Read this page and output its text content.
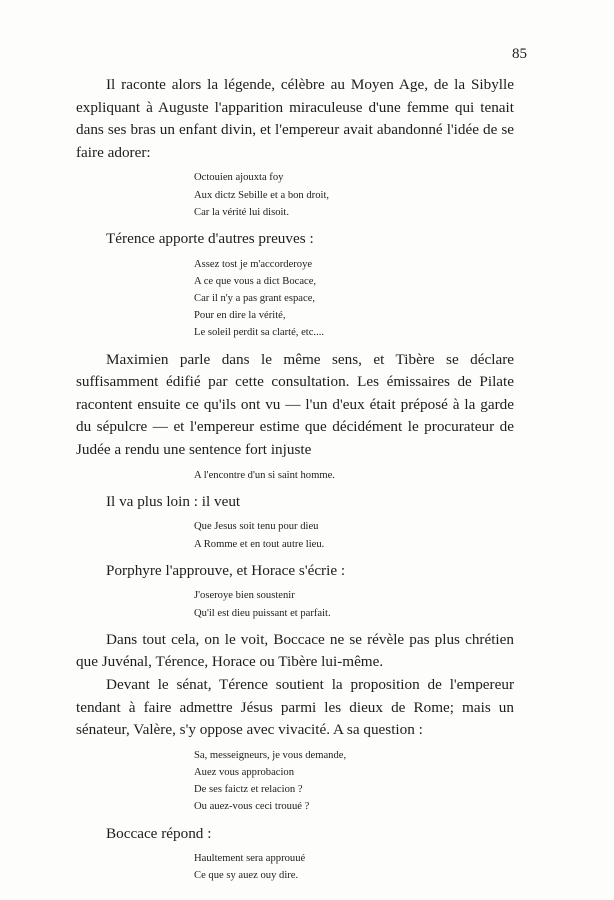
85

Il raconte alors la légende, célèbre au Moyen Age, de la Sibylle expliquant à Auguste l'apparition miraculeuse d'une femme qui tenait dans ses bras un enfant divin, et l'empereur avait abandonné l'idée de se faire adorer:

Octouien ajouxta foy
Aux dictz Sebille et a bon droit,
Car la vérité lui disoit.

Térence apporte d'autres preuves :

Assez tost je m'accorderoye
A ce que vous a dict Bocace,
Car il n'y a pas grant espace,
Pour en dire la vérité,
Le soleil perdit sa clarté, etc....

Maximien parle dans le même sens, et Tibère se déclare suffisamment édifié par cette consultation. Les émissaires de Pilate racontent ensuite ce qu'ils ont vu — l'un d'eux était préposé à la garde du sépulcre — et l'empereur estime que décidément le procurateur de Judée a rendu une sentence fort injuste

A l'encontre d'un si saint homme.

Il va plus loin : il veut

Que Jesus soit tenu pour dieu
A Romme et en tout autre lieu.

Porphyre l'approuve, et Horace s'écrie :

J'oseroye bien soustenir
Qu'il est dieu puissant et parfait.

Dans tout cela, on le voit, Boccace ne se révèle pas plus chrétien que Juvénal, Térence, Horace ou Tibère lui-même.

Devant le sénat, Térence soutient la proposition de l'empereur tendant à faire admettre Jésus parmi les dieux de Rome; mais un sénateur, Valère, s'y oppose avec vivacité. A sa question :

Sa, messeigneurs, je vous demande,
Auez vous approbacion
De ses faictz et relacion ?
Ou auez-vous ceci trouué ?

Boccace répond :

Haultement sera approuué
Ce que sy auez ouy dire.
